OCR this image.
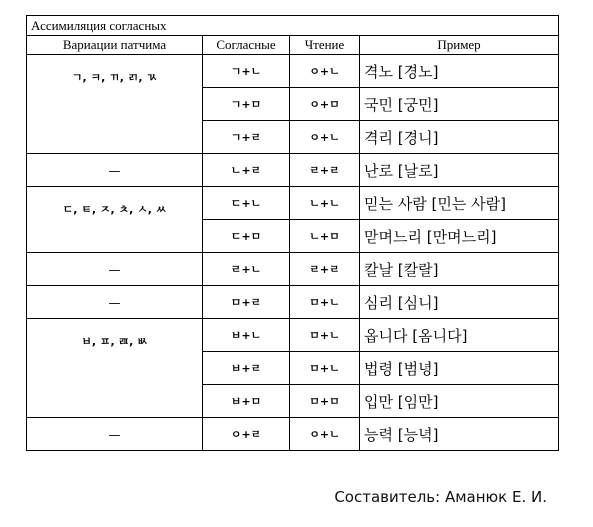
Ассимиляция согласных			
Вариации патчима	Согласные	Чтение	Пример
ㄱ, ㅋ, ㄲ, ㄺ, ㄳ	ㄱ+ㄴ	ㅇ+ㄴ	격노 [경노]
	ㄱ+ㅁ	ㅇ+ㅁ	국민 [궁민]
	ㄱ+ㄹ	ㅇ+ㄴ	격리 [경니]
—	ㄴ+ㄹ	ㄹ+ㄹ	난로 [날로]
ㄷ, ㅌ, ㅈ, ㅊ, ㅅ, ㅆ	ㄷ+ㄴ	ㄴ+ㄴ	믿는 사람 [민는 사람]
	ㄷ+ㅁ	ㄴ+ㅁ	맏며느리 [만며느리]
—	ㄹ+ㄴ	ㄹ+ㄹ	칼날 [칼랄]
—	ㅁ+ㄹ	ㅁ+ㄴ	심리 [심니]
ㅂ, ㅍ, ㄿ, ㅄ	ㅂ+ㄴ	ㅁ+ㄴ	옵니다 [옴니다]
	ㅂ+ㄹ	ㅁ+ㄴ	법령 [범녕]
	ㅂ+ㅁ	ㅁ+ㅁ	입만 [임만]
—	ㅇ+ㄹ	ㅇ+ㄴ	능력 [능녁]
Составитель: Аманюк Е. И.
